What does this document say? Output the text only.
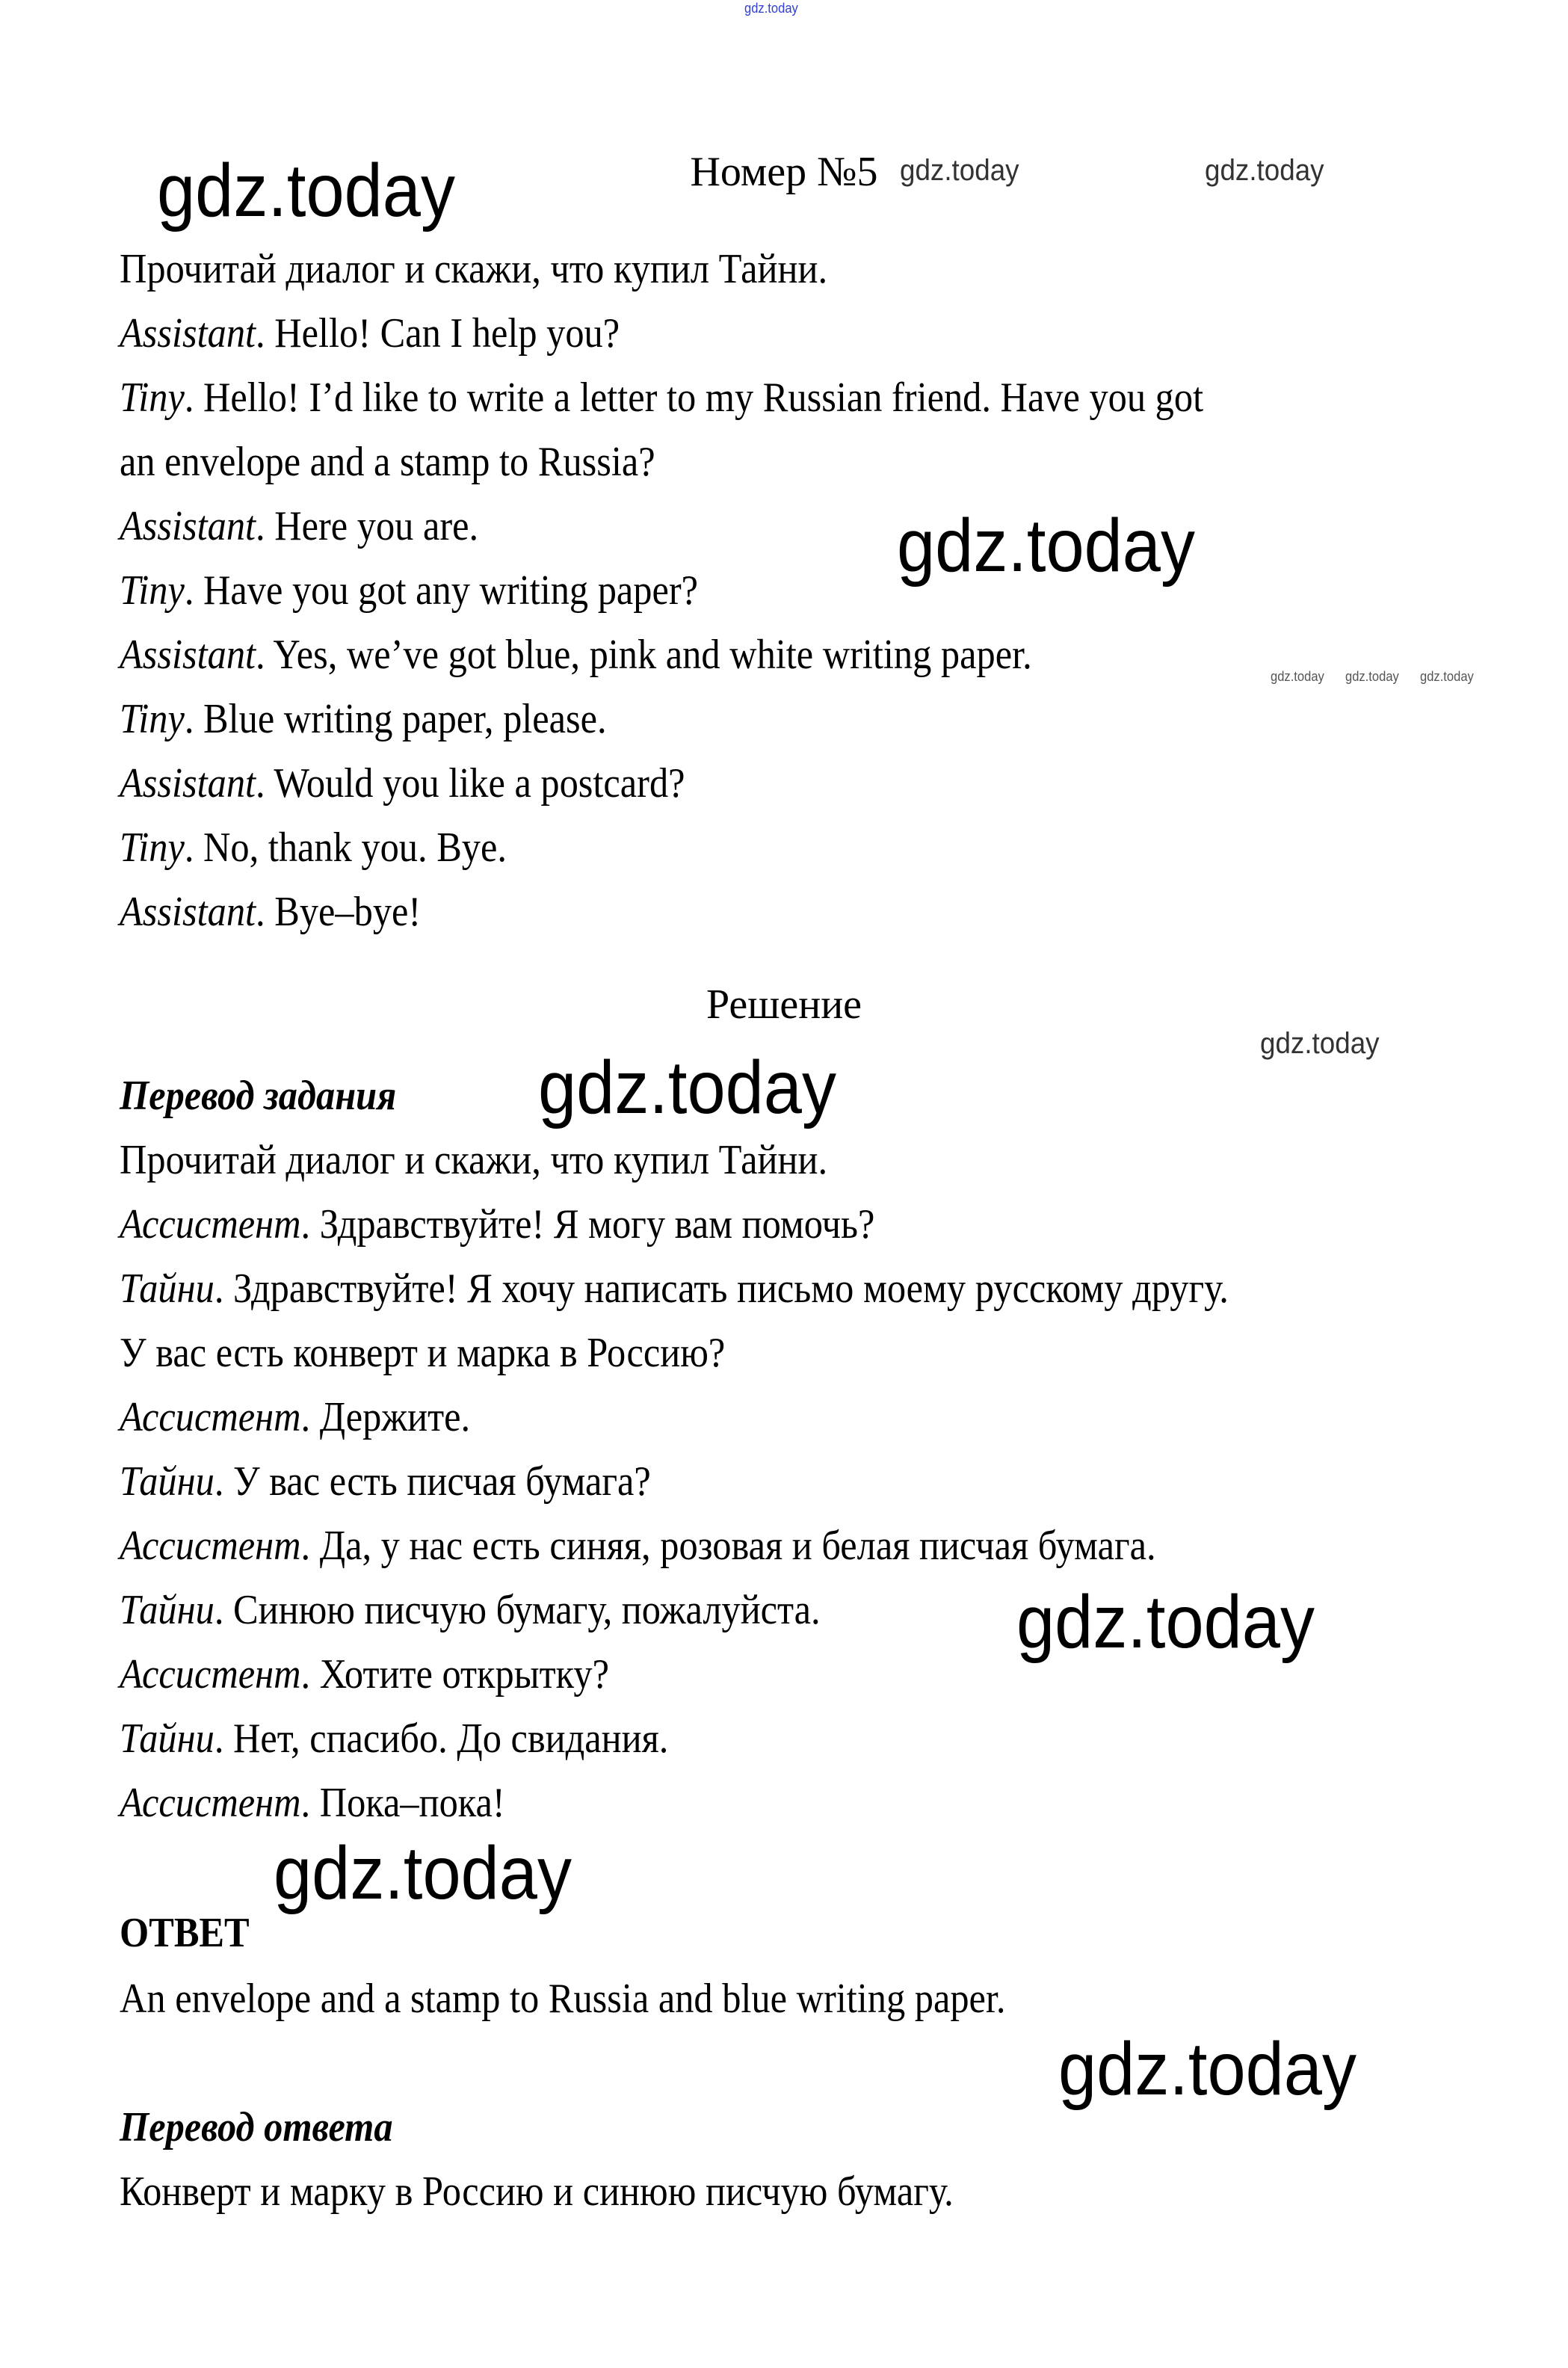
gdz.today
Номер №5
Прочитай диалог и скажи, что купил Тайни.
Assistant. Hello! Can I help you?
Tiny. Hello! I’d like to write a letter to my Russian friend. Have you got
an envelope and a stamp to Russia?
Assistant. Here you are.
Tiny. Have you got any writing paper?
Assistant. Yes, we’ve got blue, pink and white writing paper.
Tiny. Blue writing paper, please.
Assistant. Would you like a postcard?
Tiny. No, thank you. Bye.
Assistant. Bye–bye!
Решение
Перевод задания
Прочитай диалог и скажи, что купил Тайни.
Ассистент. Здравствуйте! Я могу вам помочь?
Тайни. Здравствуйте! Я хочу написать письмо моему русскому другу.
У вас есть конверт и марка в Россию?
Ассистент. Держите.
Тайни. У вас есть писчая бумага?
Ассистент. Да, у нас есть синяя, розовая и белая писчая бумага.
Тайни. Синюю писчую бумагу, пожалуйста.
Ассистент. Хотите открытку?
Тайни. Нет, спасибо. До свидания.
Ассистент. Пока–пока!
ОТВЕТ
An envelope and a stamp to Russia and blue writing paper.
Перевод ответа
Конверт и марку в Россию и синюю писчую бумагу.
gdz.today	gdz.today	gdz.today
gdz.today
gdz.today gdz.today gdz.today
gdz.today
gdz.today
gdz.today
gdz.today
gdz.today
